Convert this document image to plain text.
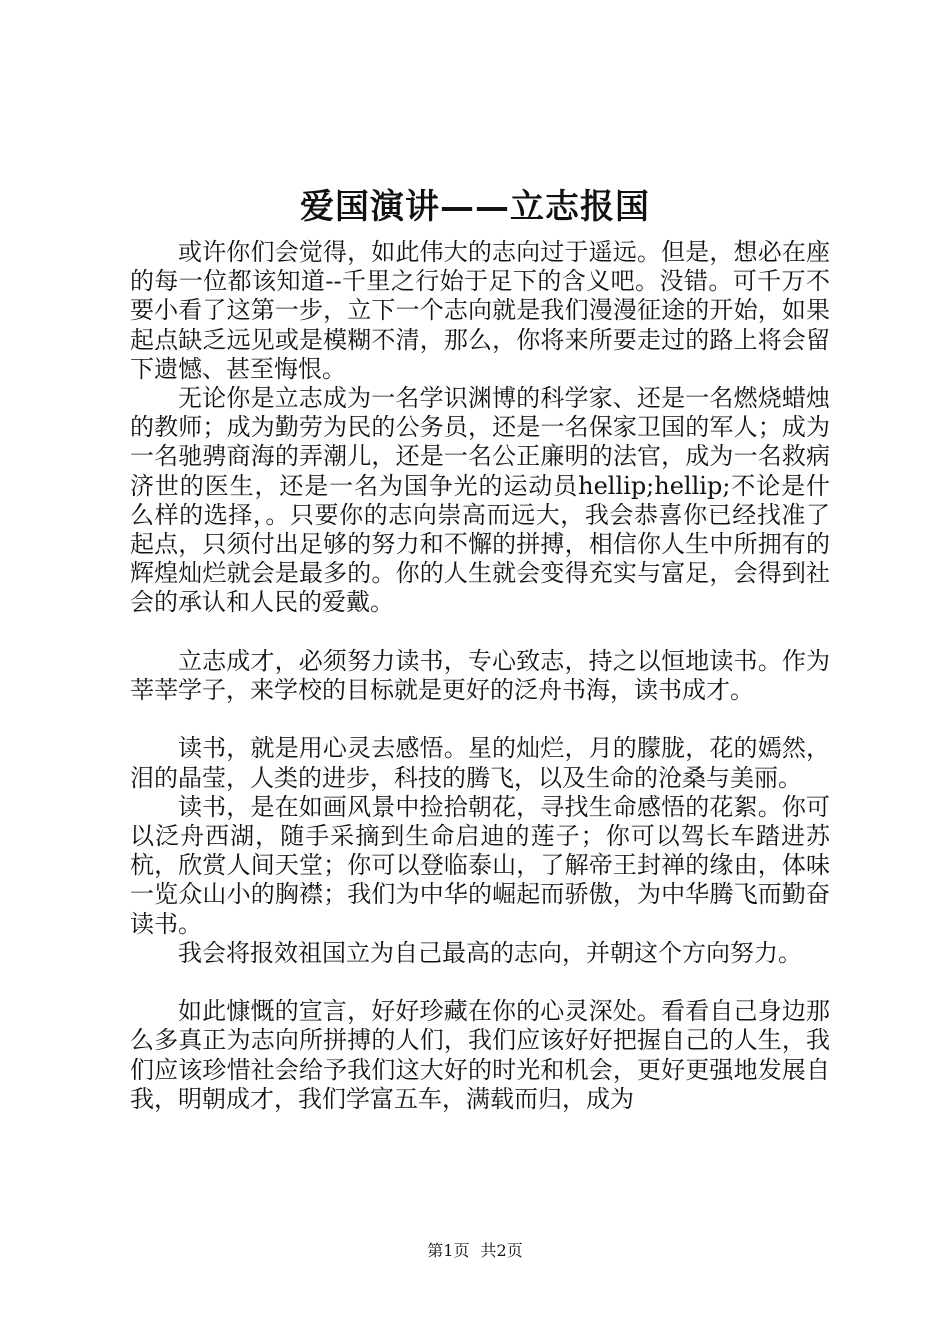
爱国演讲——立志报国

或许你们会觉得，如此伟大的志向过于遥远。但是，想必在座的每一位都该知道--千里之行始于足下的含义吧。没错。可千万不要小看了这第一步，立下一个志向就是我们漫漫征途的开始，如果起点缺乏远见或是模糊不清，那么，你将来所要走过的路上将会留下遗憾、甚至悔恨。

无论你是立志成为一名学识渊博的科学家、还是一名燃烧蜡烛的教师；成为勤劳为民的公务员，还是一名保家卫国的军人；成为一名驰骋商海的弄潮儿，还是一名公正廉明的法官，成为一名救病济世的医生，还是一名为国争光的运动员hellip;hellip;不论是什么样的选择，。只要你的志向崇高而远大，我会恭喜你已经找准了起点，只须付出足够的努力和不懈的拼搏，相信你人生中所拥有的辉煌灿烂就会是最多的。你的人生就会变得充实与富足，会得到社会的承认和人民的爱戴。

立志成才，必须努力读书，专心致志，持之以恒地读书。作为莘莘学子，来学校的目标就是更好的泛舟书海，读书成才。

读书，就是用心灵去感悟。星的灿烂，月的朦胧，花的嫣然，泪的晶莹，人类的进步，科技的腾飞，以及生命的沧桑与美丽。

读书，是在如画风景中捡拾朝花，寻找生命感悟的花絮。你可以泛舟西湖，随手采摘到生命启迪的莲子；你可以驾长车踏进苏杭，欣赏人间天堂；你可以登临泰山，了解帝王封禅的缘由，体味一览众山小的胸襟；我们为中华的崛起而骄傲，为中华腾飞而勤奋读书。

我会将报效祖国立为自己最高的志向，并朝这个方向努力。

如此慷慨的宣言，好好珍藏在你的心灵深处。看看自己身边那么多真正为志向所拼搏的人们，我们应该好好把握自己的人生，我们应该珍惜社会给予我们这大好的时光和机会，更好更强地发展自我，明朝成才，我们学富五车，满载而归，成为

第1页 共2页
